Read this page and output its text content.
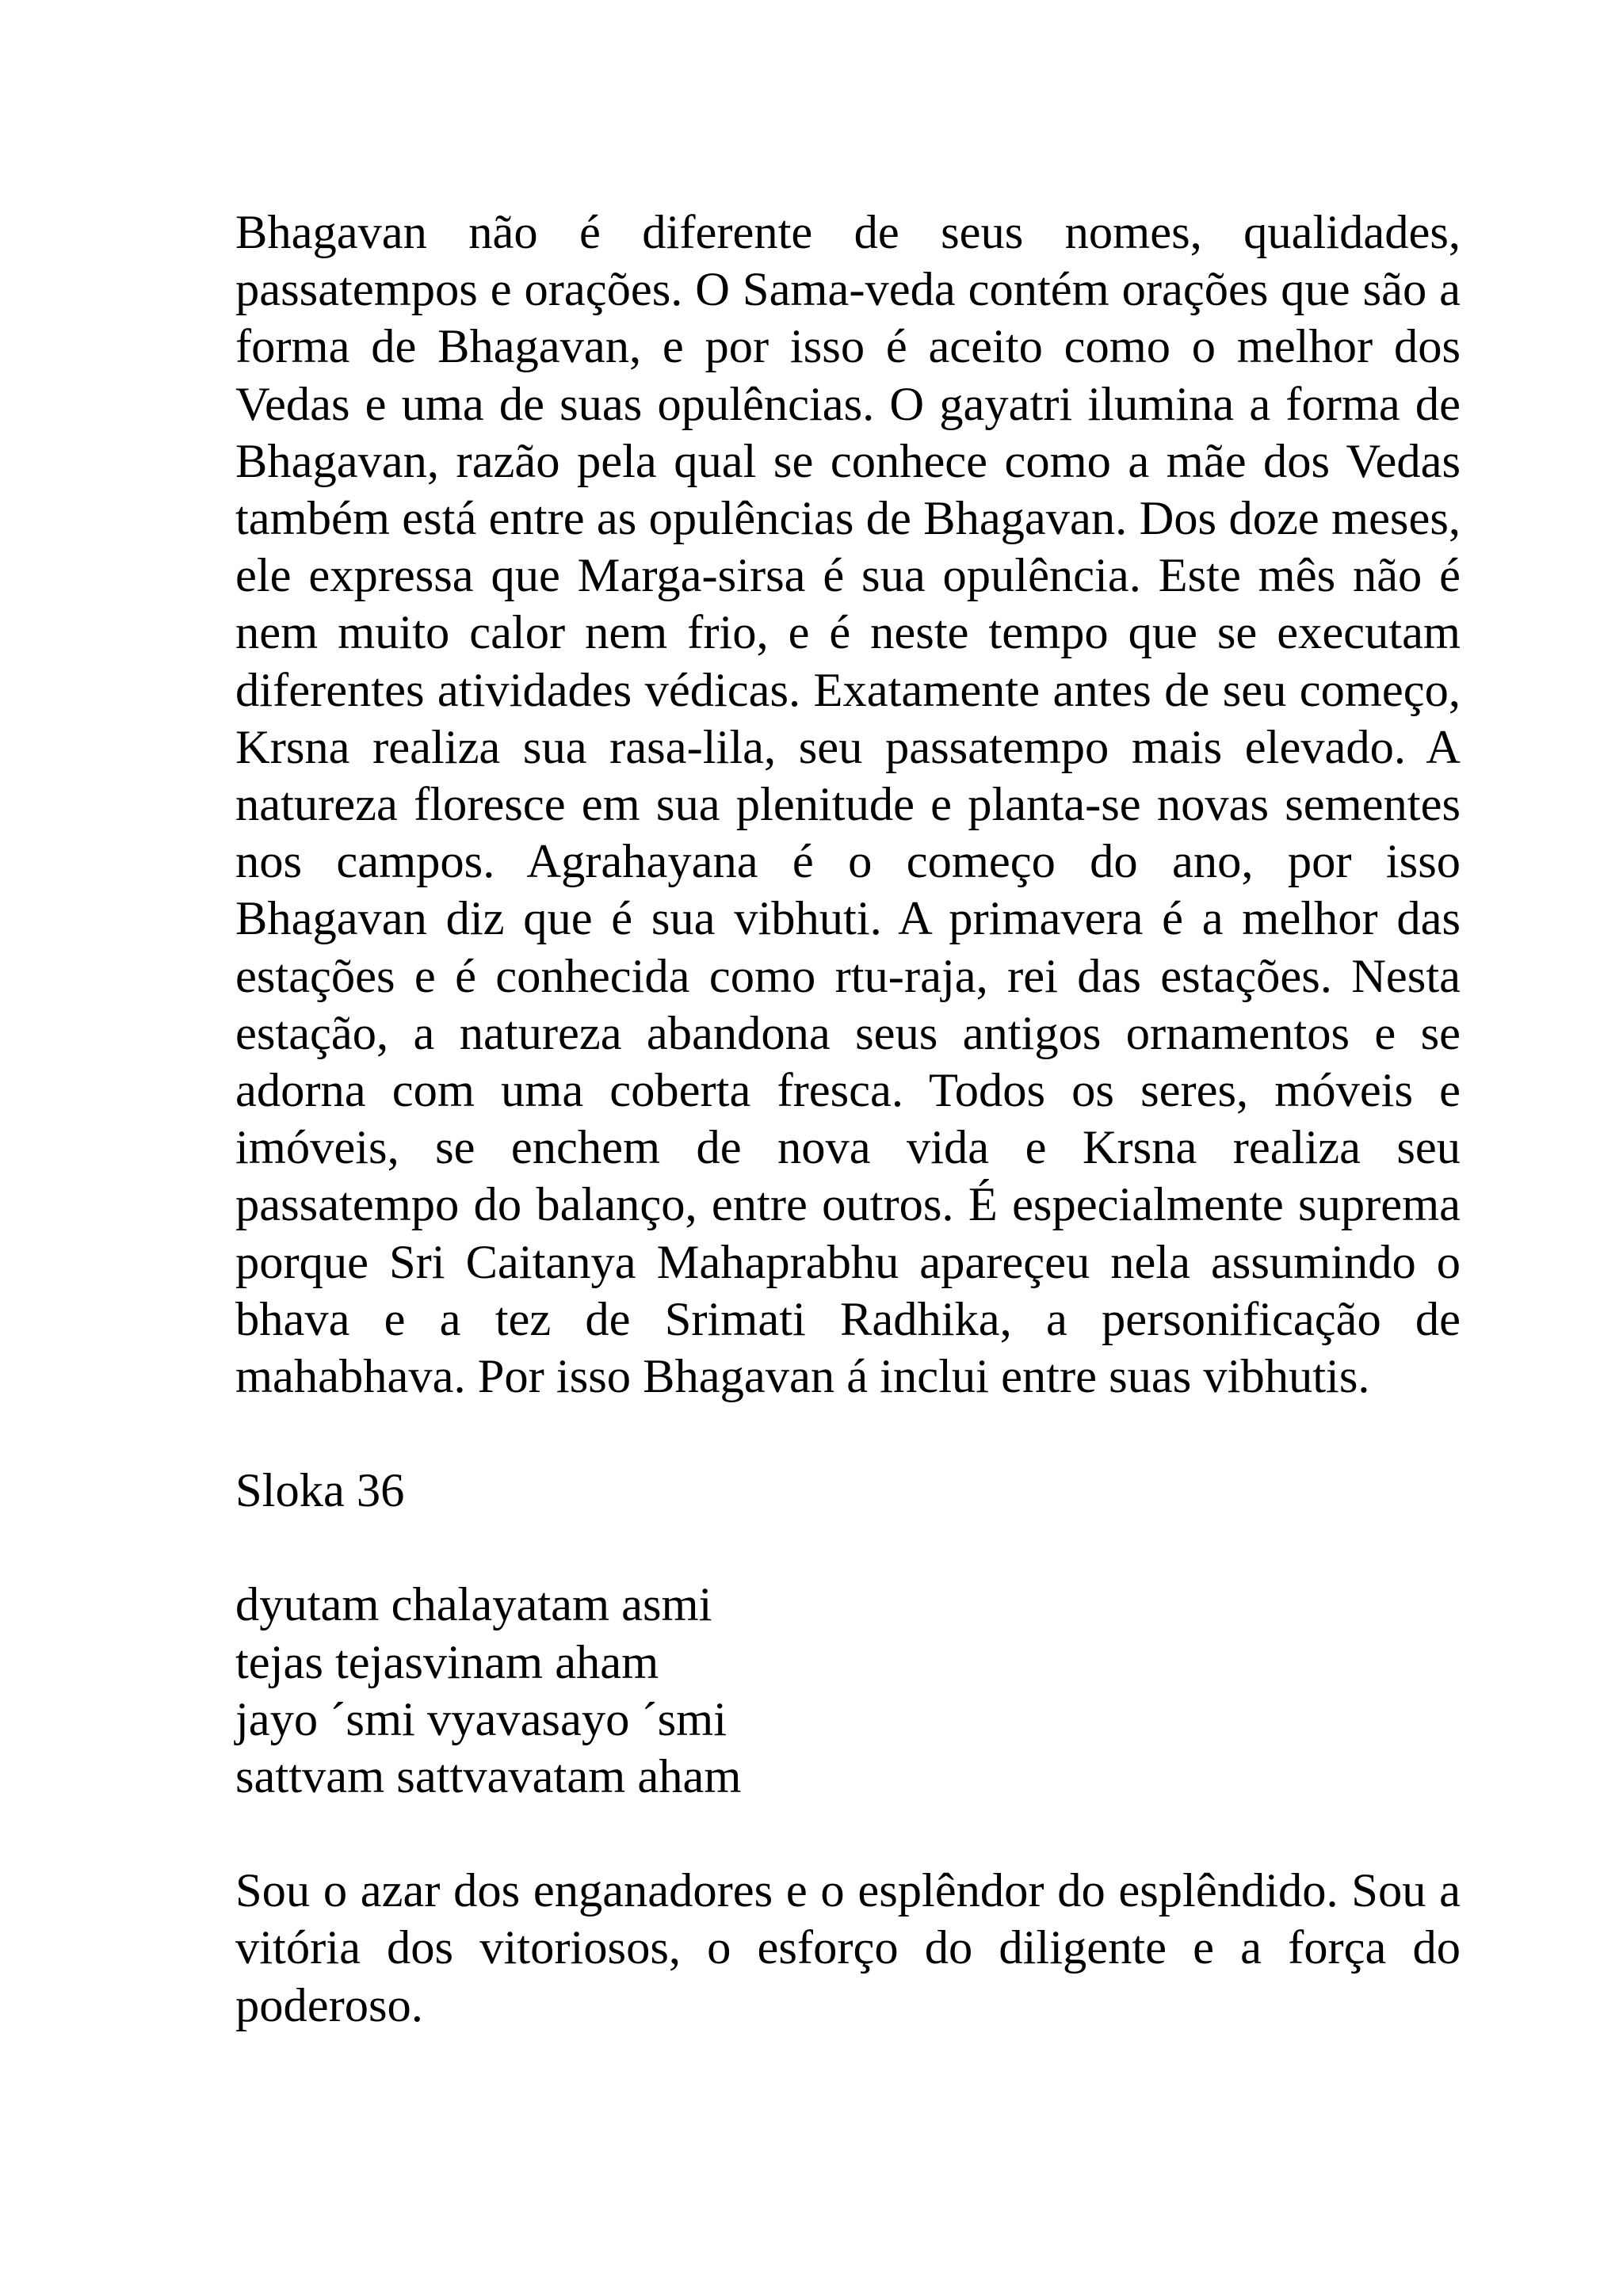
Bhagavan não é diferente de seus nomes, qualidades, passatempos e orações. O Sama-veda contém orações que são a forma de Bhagavan, e por isso é aceito como o melhor dos Vedas e uma de suas opulências. O gayatri ilumina a forma de Bhagavan, razão pela qual se conhece como a mãe dos Vedas também está entre as opulências de Bhagavan. Dos doze meses, ele expressa que Marga-sirsa é sua opulência. Este mês não é nem muito calor nem frio, e é neste tempo que se executam diferentes atividades védicas. Exatamente antes de seu começo, Krsna realiza sua rasa-lila, seu passatempo mais elevado. A natureza floresce em sua plenitude e planta-se novas sementes nos campos. Agrahayana é o começo do ano, por isso Bhagavan diz que é sua vibhuti. A primavera é a melhor das estações e é conhecida como rtu-raja, rei das estações. Nesta estação, a natureza abandona seus antigos ornamentos e se adorna com uma coberta fresca. Todos os seres, móveis e imóveis, se enchem de nova vida e Krsna realiza seu passatempo do balanço, entre outros. É especialmente suprema porque Sri Caitanya Mahaprabhu apareçeu nela assumindo o bhava e a tez de Srimati Radhika, a personificação de mahabhava. Por isso Bhagavan á inclui entre suas vibhutis.

Sloka 36

dyutam chalayatam asmi
tejas tejasvinam aham
jayo ´smi vyavasayo ´smi
sattvam sattvavatam aham

Sou o azar dos enganadores e o esplêndor do esplêndido. Sou a vitória dos vitoriosos, o esforço do diligente e a força do poderoso.
